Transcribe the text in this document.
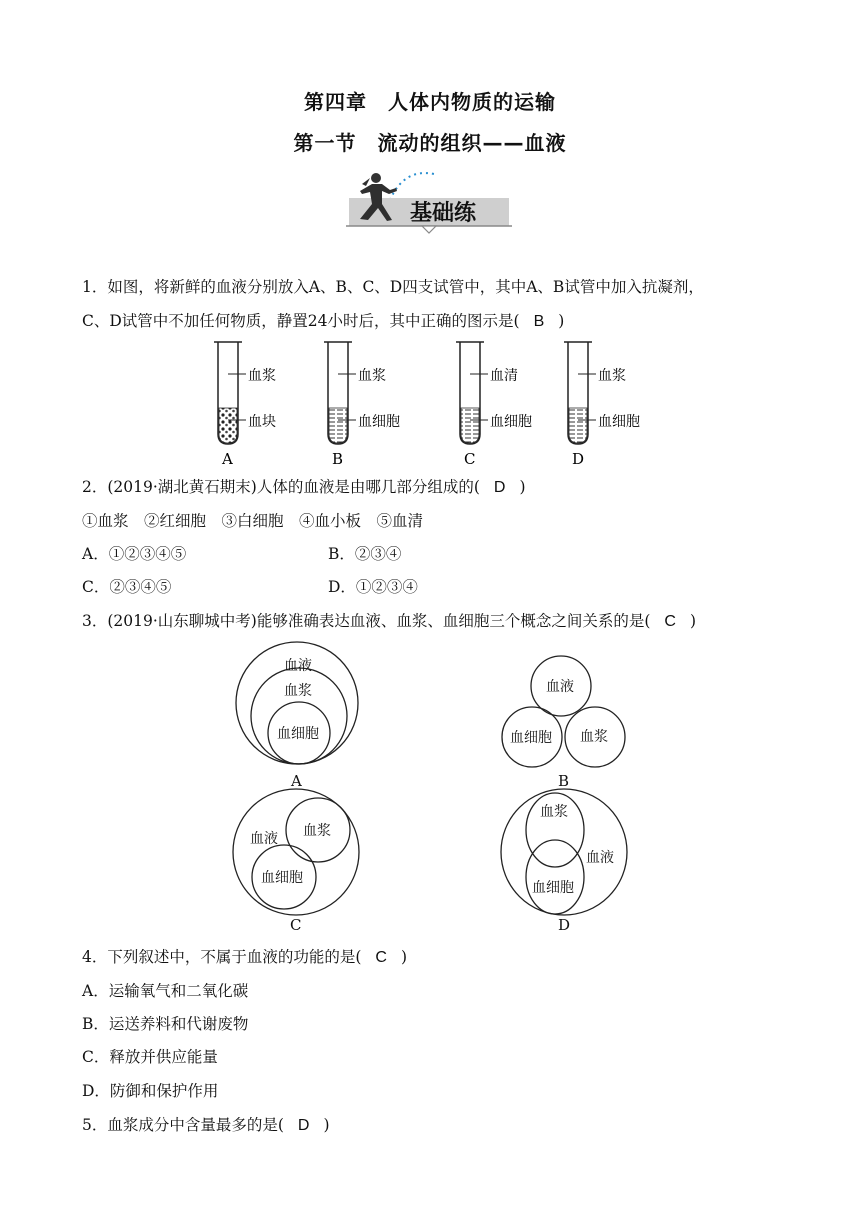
第四章　人体内物质的运输
第一节　流动的组织——血液
基础练
1．如图，将新鲜的血液分别放入A、B、C、D四支试管中，其中A、B试管中加入抗凝剂，
C、D试管中不加任何物质，静置24小时后，其中正确的图示是( B )
血浆
血块
A
血浆
血细胞
B
血清
血细胞
C
血浆
血细胞
D
2．(2019·湖北黄石期末)人体的血液是由哪几部分组成的( D )
①血浆　②红细胞　③白细胞　④血小板　⑤血清
A．①②③④⑤	B．②③④
C．②③④⑤	D．①②③④
3．(2019·山东聊城中考)能够准确表达血液、血浆、血细胞三个概念之间关系的是( C )
血液
血浆
血细胞
A
血液
血细胞 血浆
B
血液 血浆
血细胞
C
血浆
血液
血细胞
D
4．下列叙述中，不属于血液的功能的是( C )
A．运输氧气和二氧化碳
B．运送养料和代谢废物
C．释放并供应能量
D．防御和保护作用
5．血浆成分中含量最多的是( D )
